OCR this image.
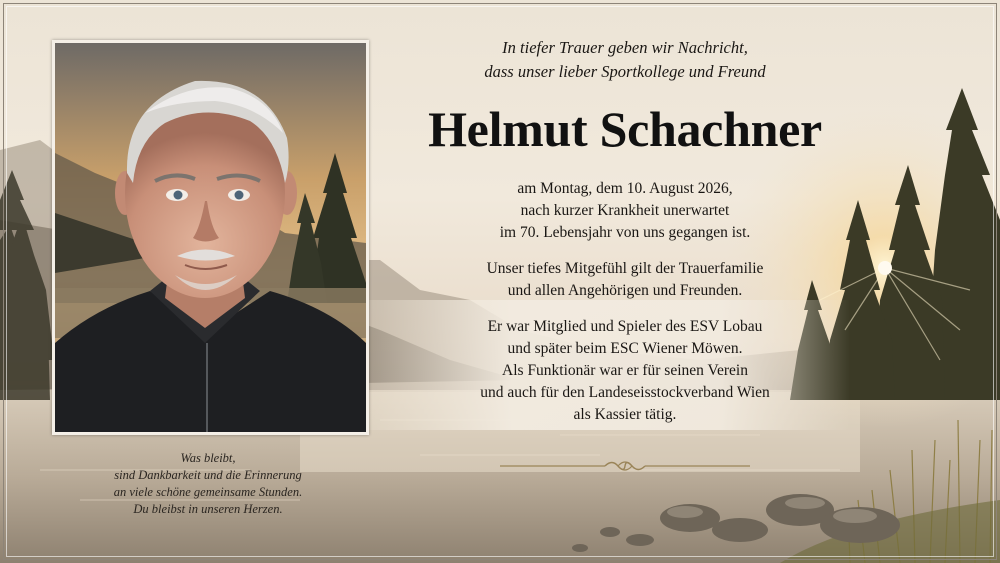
Was bleibt,
sind Dankbarkeit und die Erinnerung
an viele schöne gemeinsame Stunden.
Du bleibst in unseren Herzen.
In tiefer Trauer geben wir Nachricht,
dass unser lieber Sportkollege und Freund
Helmut Schachner
am Montag, dem 10. August 2026,
nach kurzer Krankheit unerwartet
im 70. Lebensjahr von uns gegangen ist.
Unser tiefes Mitgefühl gilt der Trauerfamilie
und allen Angehörigen und Freunden.
Er war Mitglied und Spieler des ESV Lobau
und später beim ESC Wiener Möwen.
Als Funktionär war er für seinen Verein
und auch für den Landeseisstockverband Wien
als Kassier tätig.
